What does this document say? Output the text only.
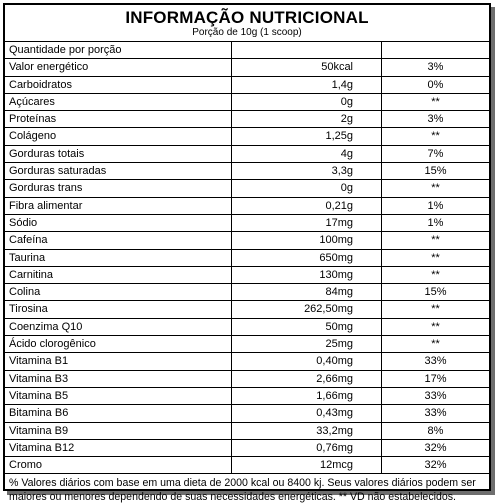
INFORMAÇÃO NUTRICIONAL
Porção de 10g (1 scoop)
Quantidade por porção		
Valor energético	50kcal	3%
Carboidratos	1,4g	0%
Açúcares	0g	**
Proteínas	2g	3%
Colágeno	1,25g	**
Gorduras totais	4g	7%
Gorduras saturadas	3,3g	15%
Gorduras trans	0g	**
Fibra alimentar	0,21g	1%
Sódio	17mg	1%
Cafeína	100mg	**
Taurina	650mg	**
Carnitina	130mg	**
Colina	84mg	15%
Tirosina	262,50mg	**
Coenzima Q10	50mg	**
Ácido clorogênico	25mg	**
Vitamina B1	0,40mg	33%
Vitamina B3	2,66mg	17%
Vitamina B5	1,66mg	33%
Bitamina B6	0,43mg	33%
Vitamina B9	33,2mg	8%
Vitamina B12	0,76mg	32%
Cromo	12mcg	32%
% Valores diários com base em uma dieta de 2000 kcal ou 8400 kj. Seus valores diários podem ser maiores ou menores dependendo de suas necessidades energéticas. ** VD não estabelecidos.
